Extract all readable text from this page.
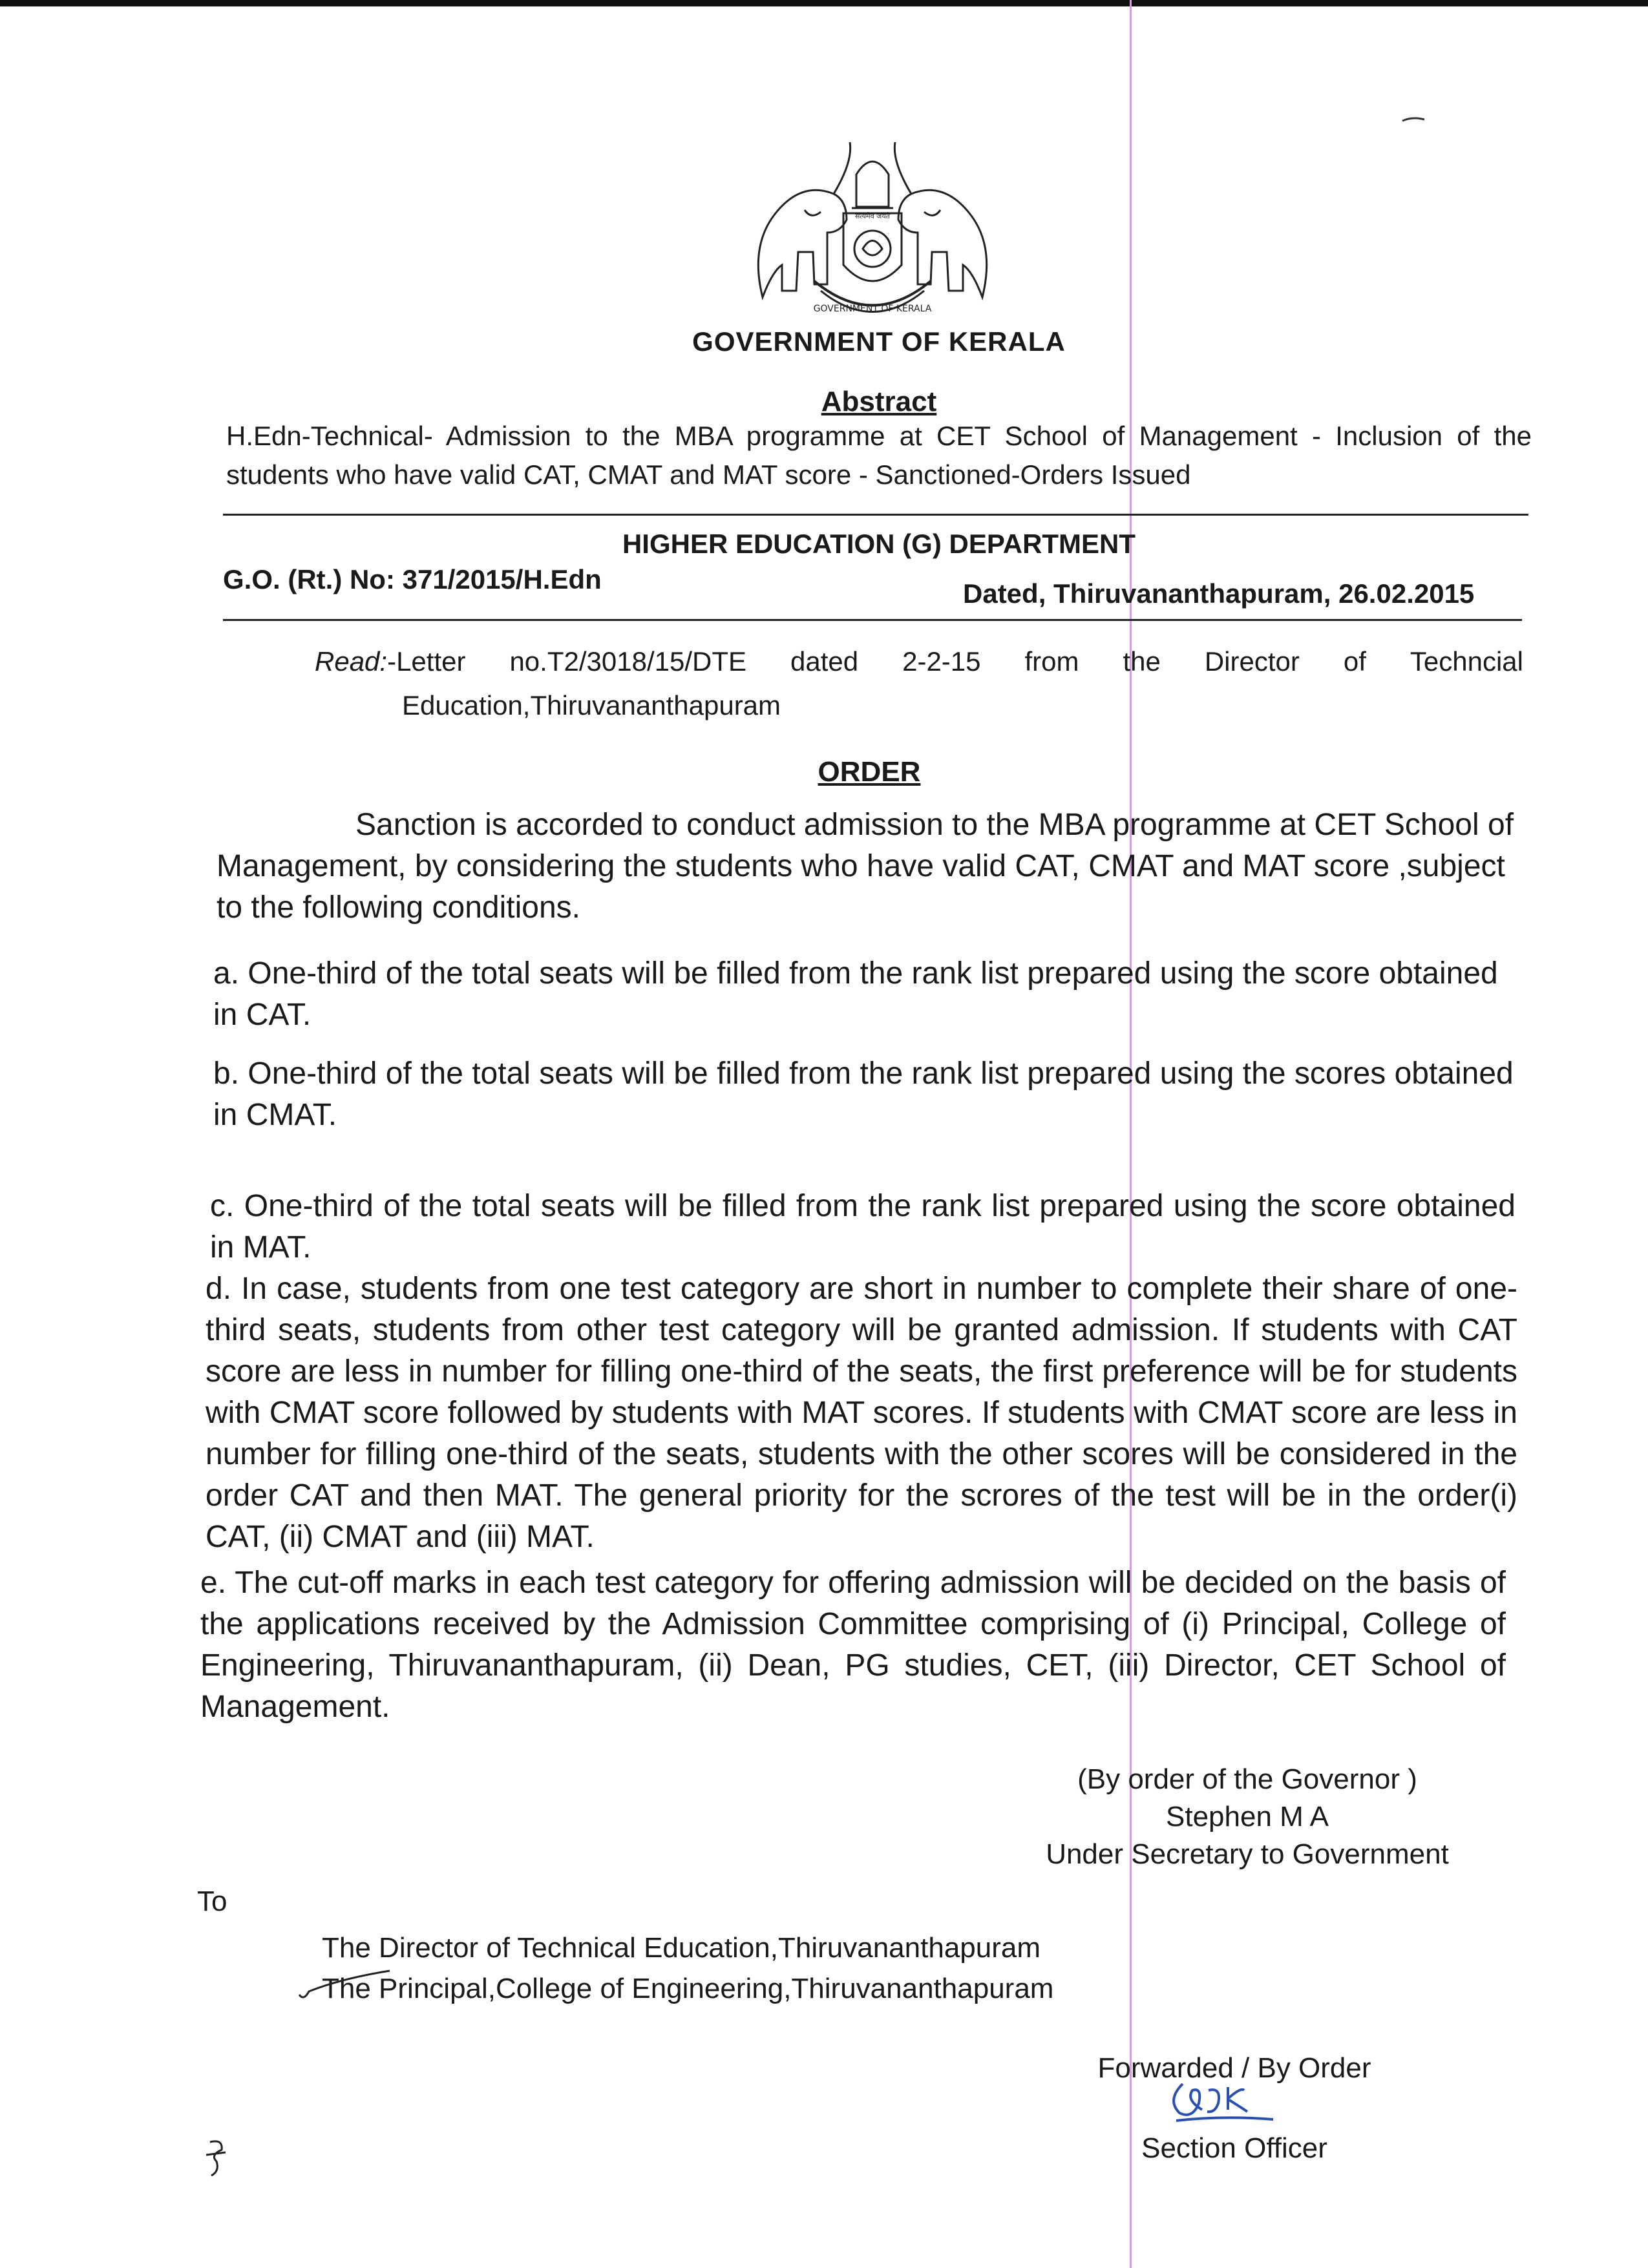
सत्यमेव जयते
GOVERNMENT OF KERALA
GOVERNMENT OF KERALA
Abstract
H.Edn-Technical- Admission to the MBA programme at CET School of Management - Inclusion of the students who have valid CAT, CMAT and MAT score - Sanctioned-Orders Issued
HIGHER EDUCATION (G) DEPARTMENT
G.O. (Rt.) No: 371/2015/H.Edn	Dated, Thiruvananthapuram, 26.02.2015
Read:-Letter no.T2/3018/15/DTE dated 2-2-15 from the Director of Techncial
Education,Thiruvananthapuram
ORDER
Sanction is accorded to conduct admission to the MBA programme at CET School of Management, by considering the students who have valid CAT, CMAT and MAT score ,subject to the following conditions.
a. One-third of the total seats will be filled from the rank list prepared using the score obtained in CAT.
b. One-third of the total seats will be filled from the rank list prepared using the scores obtained in CMAT.
c. One-third of the total seats will be filled from the rank list prepared using the score obtained in MAT.
d. In case, students from one test category are short in number to complete their share of one-third seats, students from other test category will be granted admission. If students with CAT score are less in number for filling one-third of the seats, the first preference will be for students with CMAT score followed by students with MAT scores. If students with CMAT score are less in number for filling one-third of the seats, students with the other scores will be considered in the order CAT and then MAT. The general priority for the scrores of the test will be in the order(i) CAT, (ii) CMAT and (iii) MAT.
e. The cut-off marks in each test category for offering admission will be decided on the basis of the applications received by the Admission Committee comprising of (i) Principal, College of Engineering, Thiruvananthapuram, (ii) Dean, PG studies, CET, (iii) Director, CET School of Management.
(By order of the Governor )
Stephen M A
Under Secretary to Government
To
The Director of Technical Education,Thiruvananthapuram
The Principal,College of Engineering,Thiruvananthapuram
Forwarded / By Order
Section Officer
